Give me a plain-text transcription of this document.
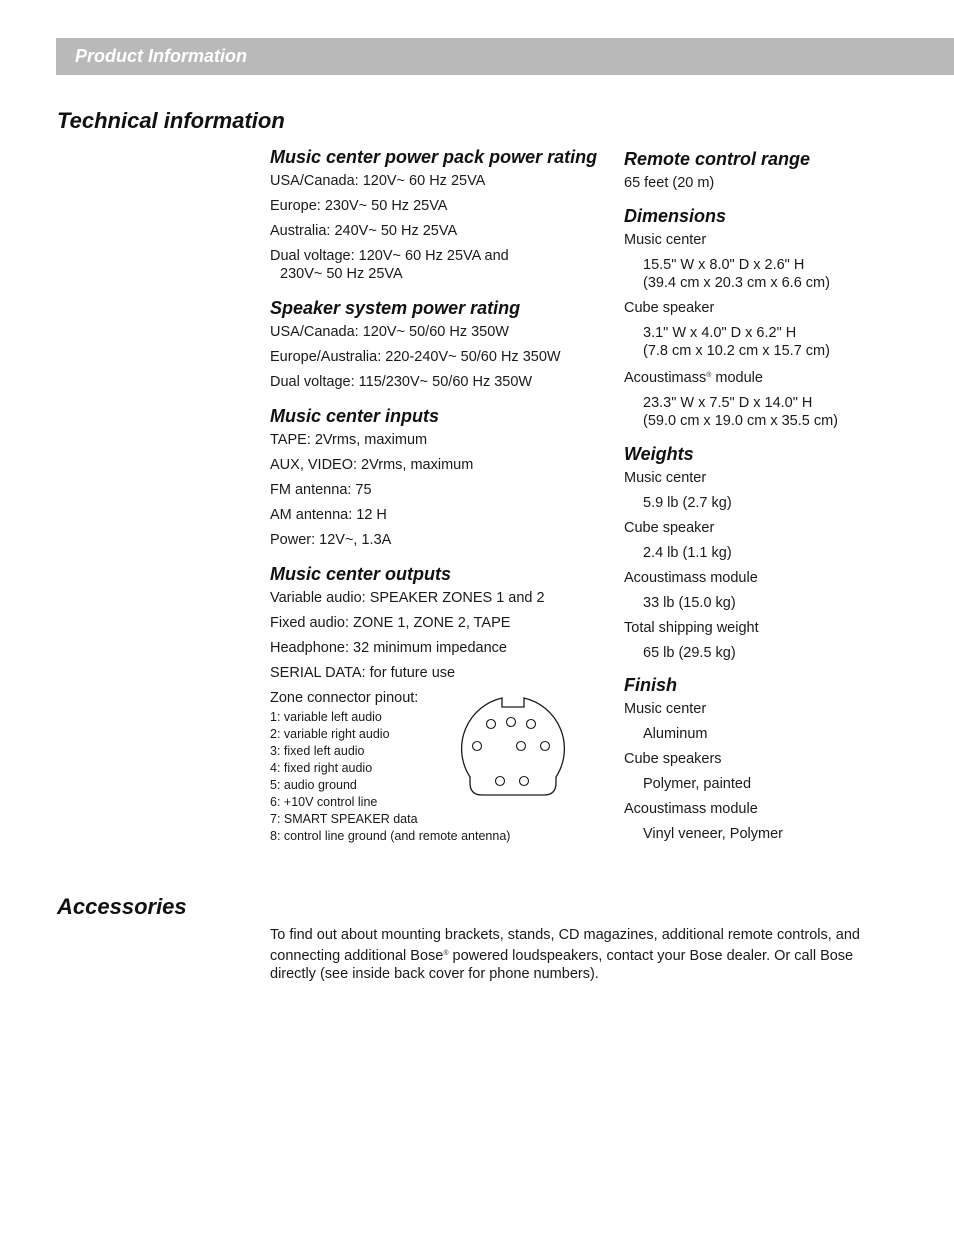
Product Information
Technical information
Music center power pack power rating

USA/Canada: 120V~ 60 Hz 25VA

Europe: 230V~ 50 Hz 25VA

Australia: 240V~ 50 Hz 25VA

Dual voltage: 120V~ 60 Hz 25VA and

230V~ 50 Hz 25VA

Speaker system power rating

USA/Canada: 120V~ 50/60 Hz 350W

Europe/Australia: 220-240V~ 50/60 Hz 350W

Dual voltage: 115/230V~ 50/60 Hz 350W

Music center inputs

TAPE: 2Vrms, maximum

AUX, VIDEO: 2Vrms, maximum

FM antenna: 75

AM antenna: 12 H

Power: 12V~, 1.3A

Music center outputs

Variable audio: SPEAKER ZONES 1 and 2

Fixed audio: ZONE 1, ZONE 2, TAPE

Headphone: 32 minimum impedance

SERIAL DATA: for future use

Zone connector pinout:

1: variable left audio
2: variable right audio
3: fixed left audio
4: fixed right audio
5: audio ground
6: +10V control line
7: SMART SPEAKER data
8: control line ground (and remote antenna)
Remote control range

65 feet (20 m)

Dimensions

Music center

15.5" W x 8.0" D x 2.6" H

(39.4 cm x 20.3 cm x 6.6 cm)

Cube speaker

3.1" W x 4.0" D x 6.2" H

(7.8 cm x 10.2 cm x 15.7 cm)

Acoustimass® module

23.3" W x 7.5" D x 14.0" H

(59.0 cm x 19.0 cm x 35.5 cm)

Weights

Music center

5.9 lb (2.7 kg)

Cube speaker

2.4 lb (1.1 kg)

Acoustimass module

33 lb (15.0 kg)

Total shipping weight

65 lb (29.5 kg)

Finish

Music center

Aluminum

Cube speakers

Polymer, painted

Acoustimass module

Vinyl veneer, Polymer

Accessories

To find out about mounting brackets, stands, CD magazines, additional remote controls, and connecting additional Bose® powered loudspeakers, contact your Bose dealer. Or call Bose directly (see inside back cover for phone numbers).
